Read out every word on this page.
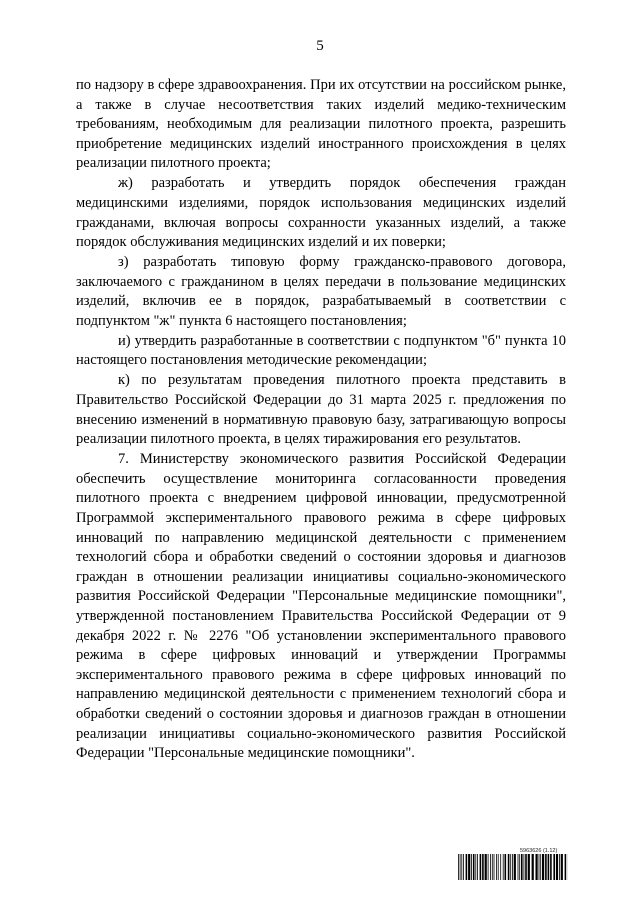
5

по надзору в сфере здравоохранения. При их отсутствии на российском рынке, а также в случае несоответствия таких изделий медико-техническим требованиям, необходимым для реализации пилотного проекта, разрешить приобретение медицинских изделий иностранного происхождения в целях реализации пилотного проекта;

ж) разработать и утвердить порядок обеспечения граждан медицинскими изделиями, порядок использования медицинских изделий гражданами, включая вопросы сохранности указанных изделий, а также порядок обслуживания медицинских изделий и их поверки;

з) разработать типовую форму гражданско-правового договора, заключаемого с гражданином в целях передачи в пользование медицинских изделий, включив ее в порядок, разрабатываемый в соответствии с подпунктом "ж" пункта 6 настоящего постановления;

и) утвердить разработанные в соответствии с подпунктом "б" пункта 10 настоящего постановления методические рекомендации;

к) по результатам проведения пилотного проекта представить в Правительство Российской Федерации до 31 марта 2025 г. предложения по внесению изменений в нормативную правовую базу, затрагивающую вопросы реализации пилотного проекта, в целях тиражирования его результатов.

7. Министерству экономического развития Российской Федерации обеспечить осуществление мониторинга согласованности проведения пилотного проекта с внедрением цифровой инновации, предусмотренной Программой экспериментального правового режима в сфере цифровых инноваций по направлению медицинской деятельности с применением технологий сбора и обработки сведений о состоянии здоровья и диагнозов граждан в отношении реализации инициативы социально-экономического развития Российской Федерации "Персональные медицинские помощники", утвержденной постановлением Правительства Российской Федерации от 9 декабря 2022 г. № 2276 "Об установлении экспериментального правового режима в сфере цифровых инноваций и утверждении Программы экспериментального правового режима в сфере цифровых инноваций по направлению медицинской деятельности с применением технологий сбора и обработки сведений о состоянии здоровья и диагнозов граждан в отношении реализации инициативы социально-экономического развития Российской Федерации "Персональные медицинские помощники".

5963626 (1.12)
